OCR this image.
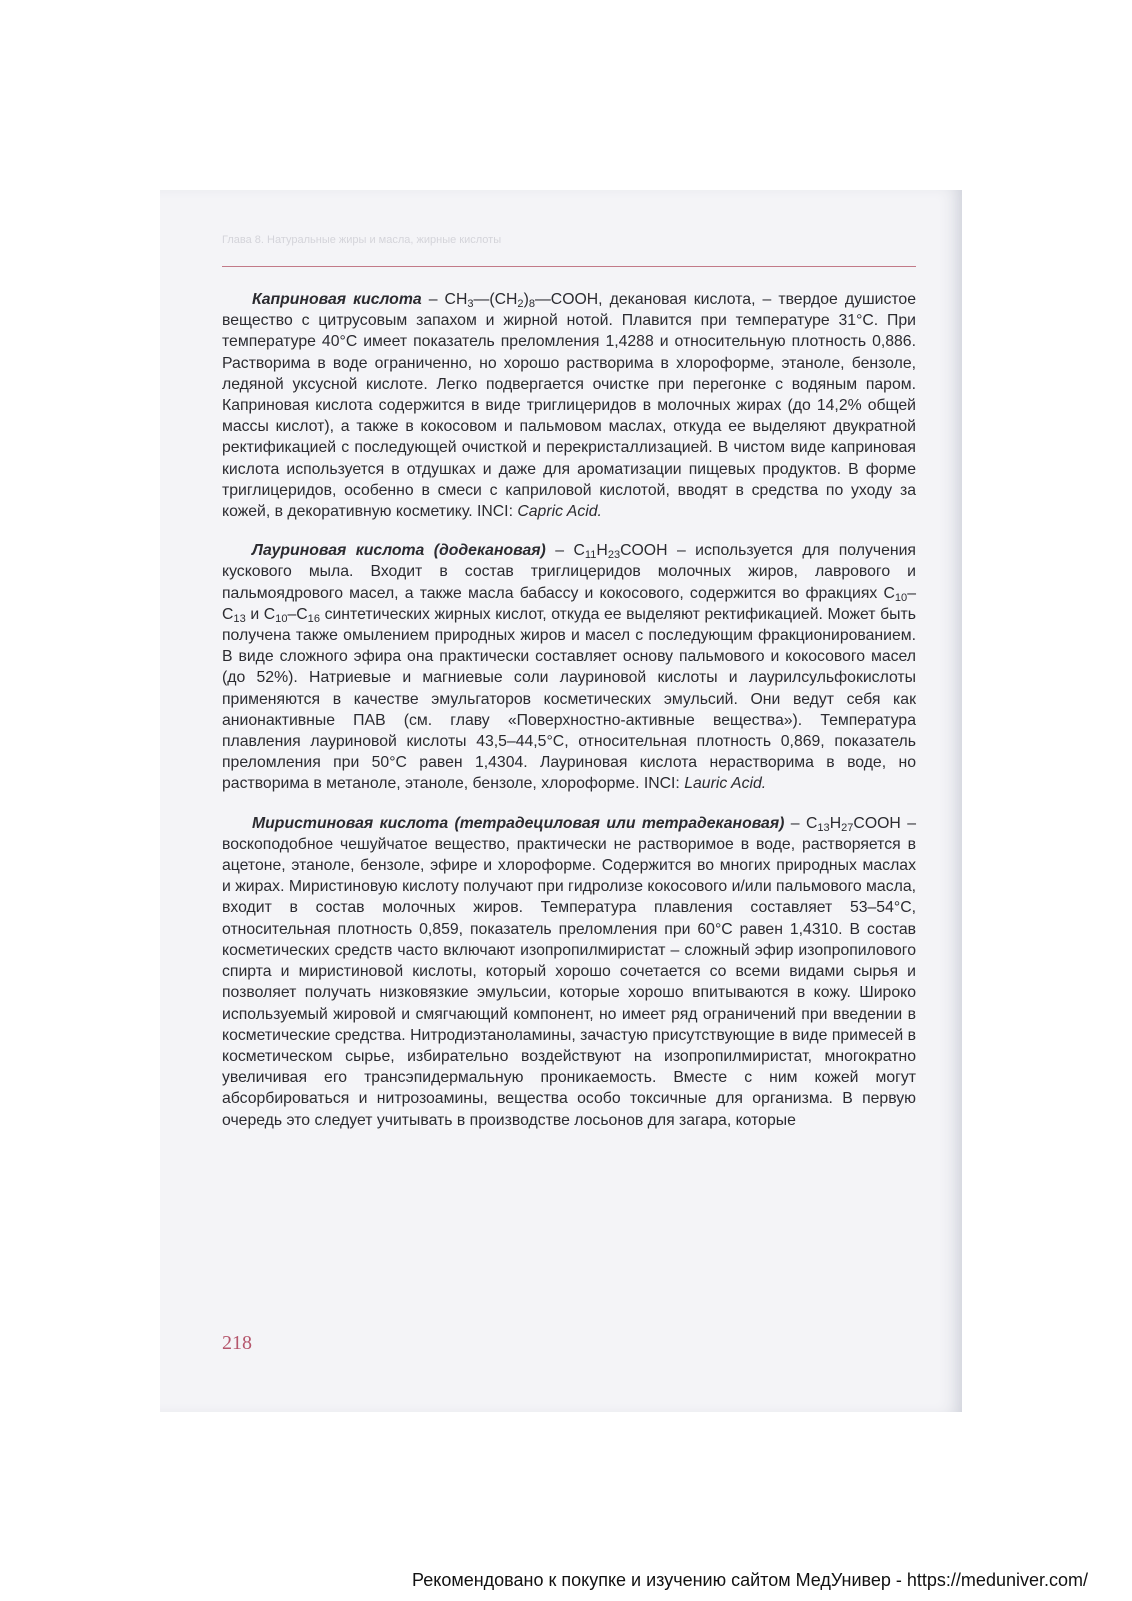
Глава 8. Натуральные жиры и масла, жирные кислоты

Каприновая кислота – $CH_3—(CH_2)_8—COOH$, декановая кислота, – твердое душистое вещество с цитрусовым запахом и жирной нотой. Плавится при температуре 31°С. При температуре 40°С имеет показатель преломления 1,4288 и относительную плотность 0,886. Растворима в воде ограниченно, но хорошо растворима в хлороформе, этаноле, бензоле, ледяной уксусной кислоте. Легко подвергается очистке при перегонке с водяным паром. Каприновая кислота содержится в виде триглицеридов в молочных жирах (до 14,2% общей массы кислот), а также в кокосовом и пальмовом маслах, откуда ее выделяют двукратной ректификацией с последующей очисткой и перекристаллизацией. В чистом виде каприновая кислота используется в отдушках и даже для ароматизации пищевых продуктов. В форме триглицеридов, особенно в смеси с каприловой кислотой, вводят в средства по уходу за кожей, в декоративную косметику. INCI: Capric Acid.

Лауриновая кислота (додекановая) – $C_{11}H_{23}COOH$ – используется для получения кускового мыла. Входит в состав триглицеридов молочных жиров, лаврового и пальмоядрового масел, а также масла бабассу и кокосового, содержится во фракциях $C_{10}-C_{13}$ и $C_{10}-C_{16}$ синтетических жирных кислот, откуда ее выделяют ректификацией. Может быть получена также омылением природных жиров и масел с последующим фракционированием. В виде сложного эфира она практически составляет основу пальмового и кокосового масел (до 52%). Натриевые и магниевые соли лауриновой кислоты и лаурилсульфокислоты применяются в качестве эмульгаторов косметических эмульсий. Они ведут себя как анионактивные ПАВ (см. главу «Поверхностно-активные вещества»). Температура плавления лауриновой кислоты 43,5–44,5°С, относительная плотность 0,869, показатель преломления при 50°С равен 1,4304. Лауриновая кислота нерастворима в воде, но растворима в метаноле, этаноле, бензоле, хлороформе. INCI: Lauric Acid.

Миристиновая кислота (тетрадециловая или тетрадекановая) – $C_{13}H_{27}COOH$ – воскоподобное чешуйчатое вещество, практически не растворимое в воде, растворяется в ацетоне, этаноле, бензоле, эфире и хлороформе. Содержится во многих природных маслах и жирах. Миристиновую кислоту получают при гидролизе кокосового и/или пальмового масла, входит в состав молочных жиров. Температура плавления составляет 53–54°С, относительная плотность 0,859, показатель преломления при 60°С равен 1,4310. В состав косметических средств часто включают изопропилмиристат – сложный эфир изопропилового спирта и миристиновой кислоты, который хорошо сочетается со всеми видами сырья и позволяет получать низковязкие эмульсии, которые хорошо впитываются в кожу. Широко используемый жировой и смягчающий компонент, но имеет ряд ограничений при введении в косметические средства. Нитродиэтаноламины, зачастую присутствующие в виде примесей в косметическом сырье, избирательно воздействуют на изопропилмиристат, многократно увеличивая его трансэпидермальную проникаемость. Вместе с ним кожей могут абсорбироваться и нитрозоамины, вещества особо токсичные для организма. В первую очередь это следует учитывать в производстве лосьонов для загара, которые

218
Рекомендовано к покупке и изучению сайтом МедУнивер - https://meduniver.com/
